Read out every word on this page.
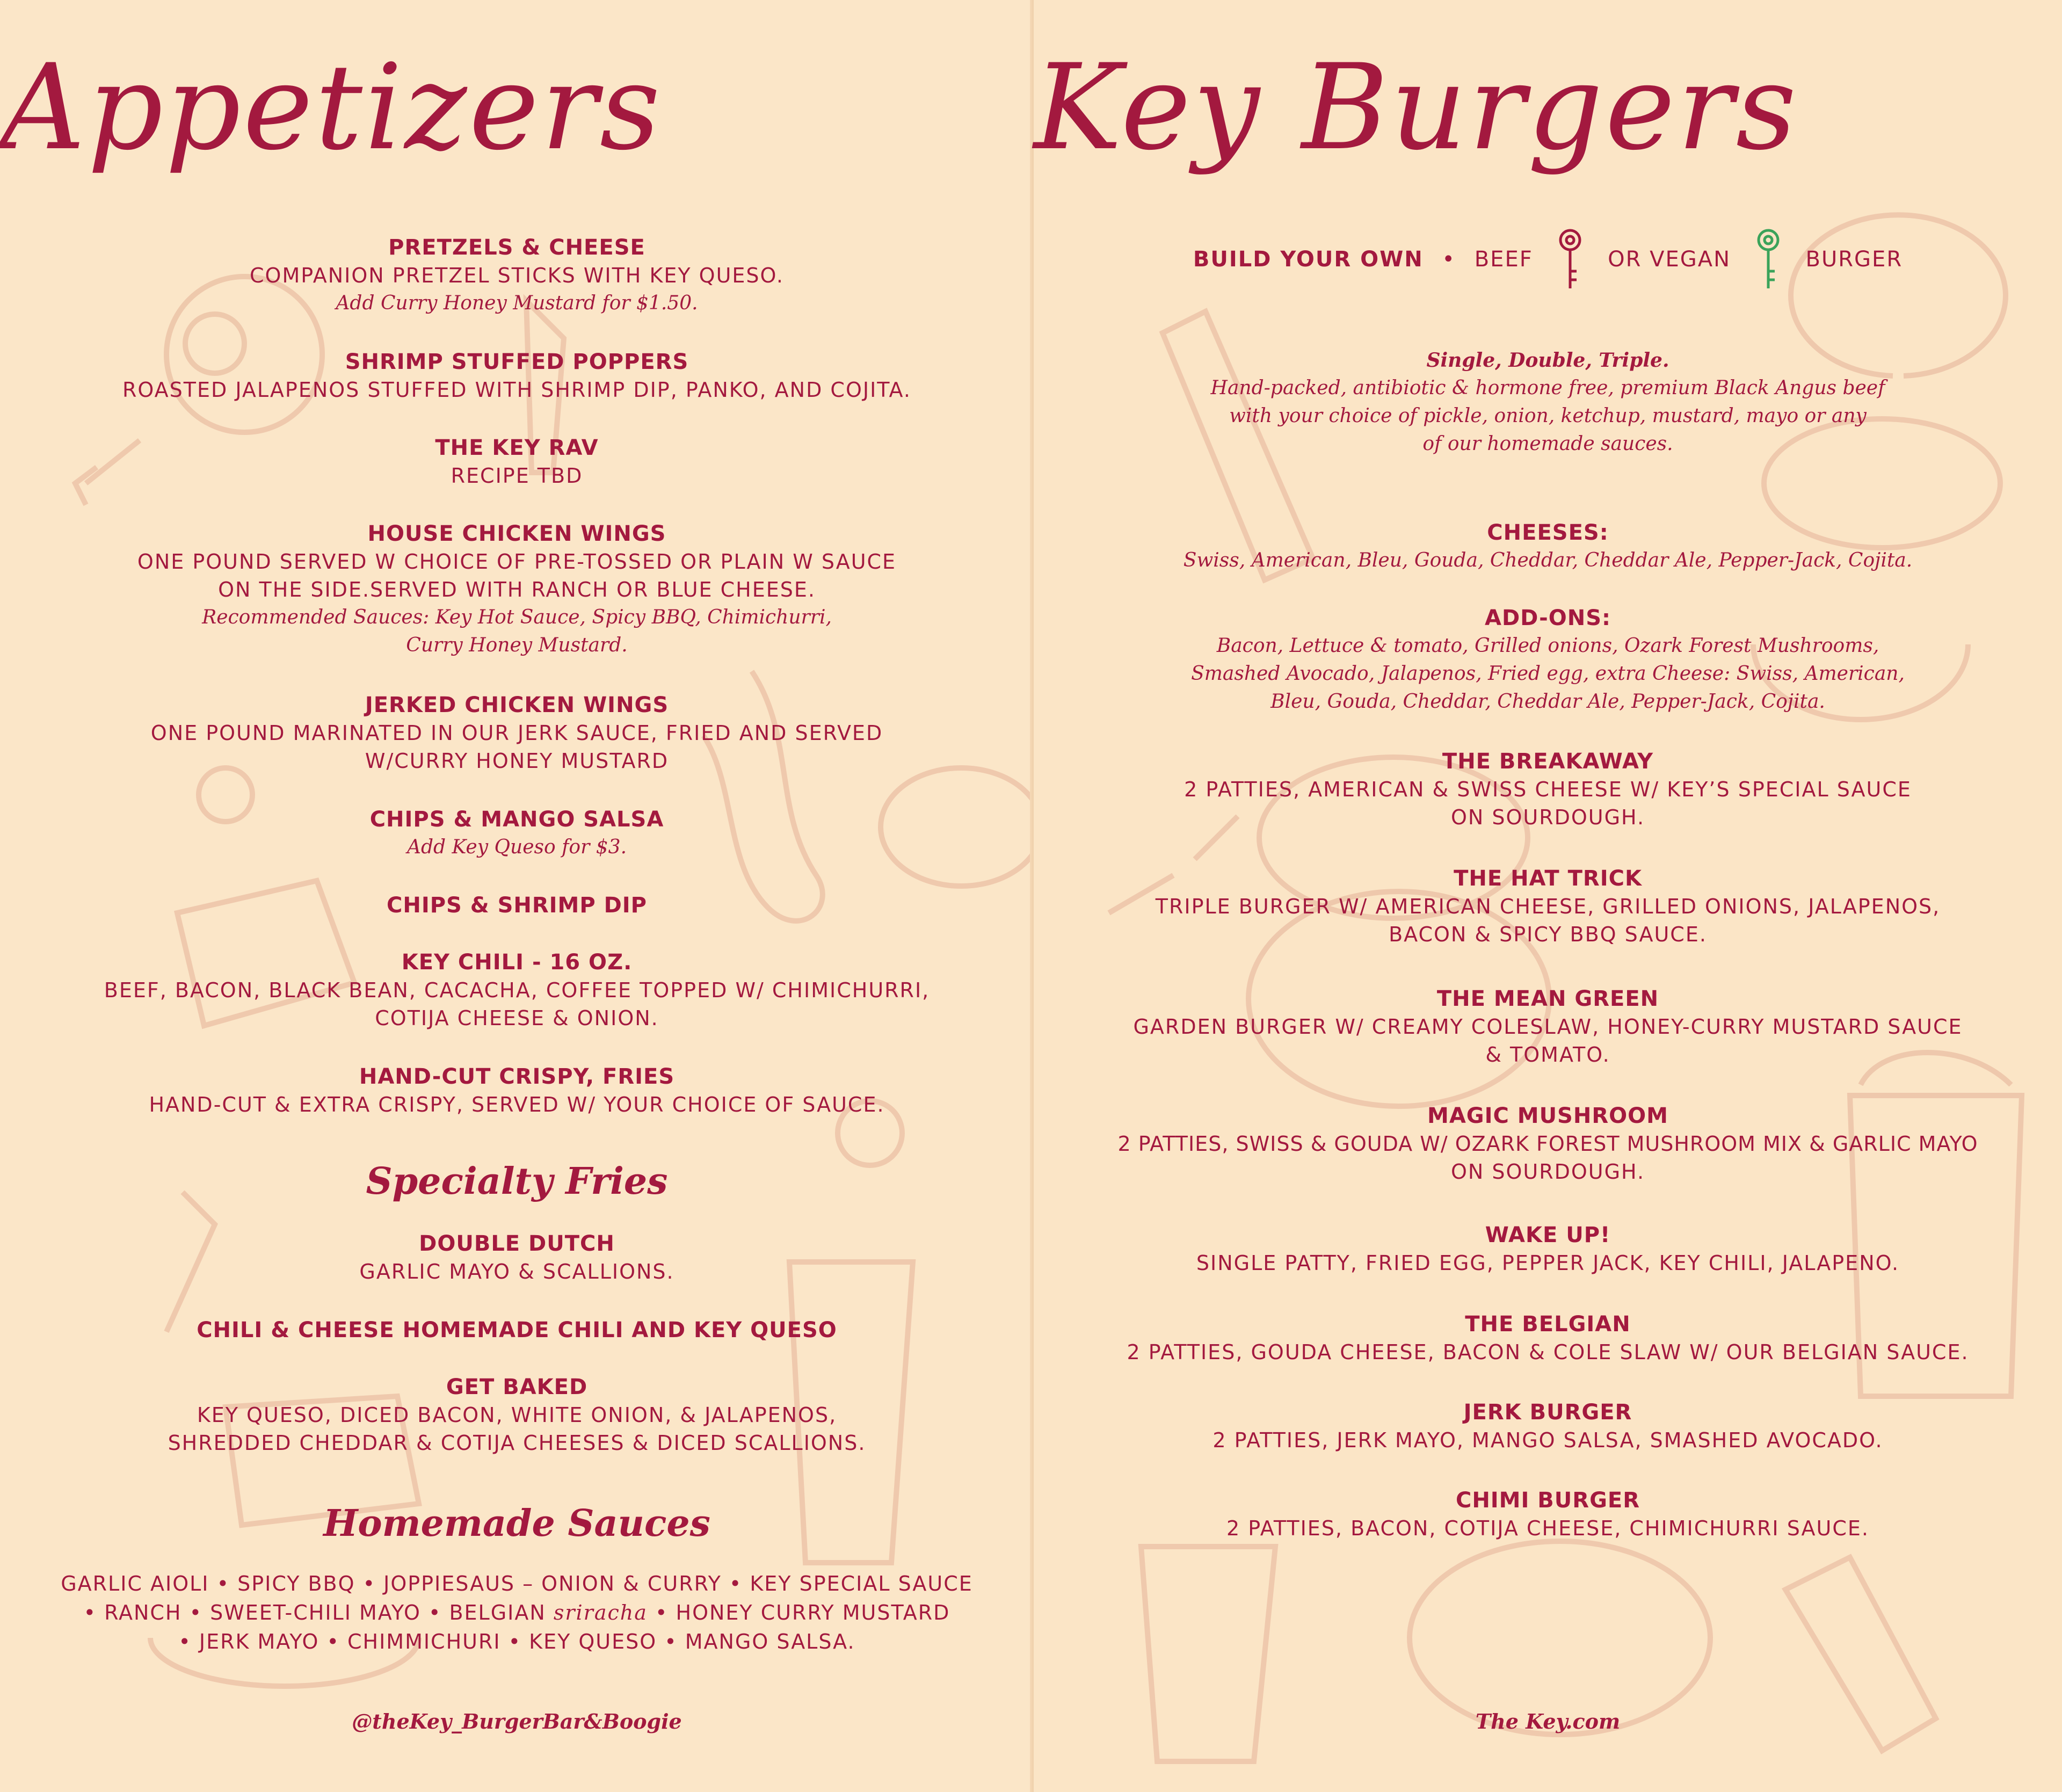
Appetizers
PRETZELS & CHEESE
COMPANION PRETZEL STICKS WITH KEY QUESO.
Add Curry Honey Mustard for $1.50.
SHRIMP STUFFED POPPERS
ROASTED JALAPENOS STUFFED WITH SHRIMP DIP, PANKO, AND COJITA.
THE KEY RAV
RECIPE TBD
HOUSE CHICKEN WINGS
ONE POUND SERVED W CHOICE OF PRE-TOSSED OR PLAIN W SAUCE
ON THE SIDE.SERVED WITH RANCH OR BLUE CHEESE.
Recommended Sauces: Key Hot Sauce, Spicy BBQ, Chimichurri,
Curry Honey Mustard.
JERKED CHICKEN WINGS
ONE POUND MARINATED IN OUR JERK SAUCE, FRIED AND SERVED
W/CURRY HONEY MUSTARD
CHIPS & MANGO SALSA
Add Key Queso for $3.
CHIPS & SHRIMP DIP
KEY CHILI - 16 OZ.
BEEF, BACON, BLACK BEAN, CACACHA, COFFEE TOPPED W/ CHIMICHURRI,
COTIJA CHEESE & ONION.
HAND-CUT CRISPY, FRIES
HAND-CUT & EXTRA CRISPY, SERVED W/ YOUR CHOICE OF SAUCE.
Specialty Fries
DOUBLE DUTCH
GARLIC MAYO & SCALLIONS.
CHILI & CHEESE HOMEMADE CHILI AND KEY QUESO
GET BAKED
KEY QUESO, DICED BACON, WHITE ONION, & JALAPENOS,
SHREDDED CHEDDAR & COTIJA CHEESES & DICED SCALLIONS.
Homemade Sauces
GARLIC AIOLI • SPICY BBQ • JOPPIESAUS – ONION & CURRY • KEY SPECIAL SAUCE
• RANCH • SWEET-CHILI MAYO • BELGIAN sriracha • HONEY CURRY MUSTARD
• JERK MAYO • CHIMMICHURI • KEY QUESO • MANGO SALSA.
@theKey_BurgerBar&Boogie
Key Burgers
BUILD YOUR OWN • BEEF	OR VEGAN	BURGER
Single, Double, Triple.
Hand-packed, antibiotic & hormone free, premium Black Angus beef
with your choice of pickle, onion, ketchup, mustard, mayo or any
of our homemade sauces.
CHEESES:
Swiss, American, Bleu, Gouda, Cheddar, Cheddar Ale, Pepper-Jack, Cojita.
ADD-ONS:
Bacon, Lettuce & tomato, Grilled onions, Ozark Forest Mushrooms,
Smashed Avocado, Jalapenos, Fried egg, extra Cheese: Swiss, American,
Bleu, Gouda, Cheddar, Cheddar Ale, Pepper-Jack, Cojita.
THE BREAKAWAY
2 PATTIES, AMERICAN & SWISS CHEESE W/ KEY’S SPECIAL SAUCE
ON SOURDOUGH.
THE HAT TRICK
TRIPLE BURGER W/ AMERICAN CHEESE, GRILLED ONIONS, JALAPENOS,
BACON & SPICY BBQ SAUCE.
THE MEAN GREEN
GARDEN BURGER W/ CREAMY COLESLAW, HONEY-CURRY MUSTARD SAUCE
& TOMATO.
MAGIC MUSHROOM
2 PATTIES, SWISS & GOUDA W/ OZARK FOREST MUSHROOM MIX & GARLIC MAYO
ON SOURDOUGH.
WAKE UP!
SINGLE PATTY, FRIED EGG, PEPPER JACK, KEY CHILI, JALAPENO.
THE BELGIAN
2 PATTIES, GOUDA CHEESE, BACON & COLE SLAW W/ OUR BELGIAN SAUCE.
JERK BURGER
2 PATTIES, JERK MAYO, MANGO SALSA, SMASHED AVOCADO.
CHIMI BURGER
2 PATTIES, BACON, COTIJA CHEESE, CHIMICHURRI SAUCE.
The Key.com
